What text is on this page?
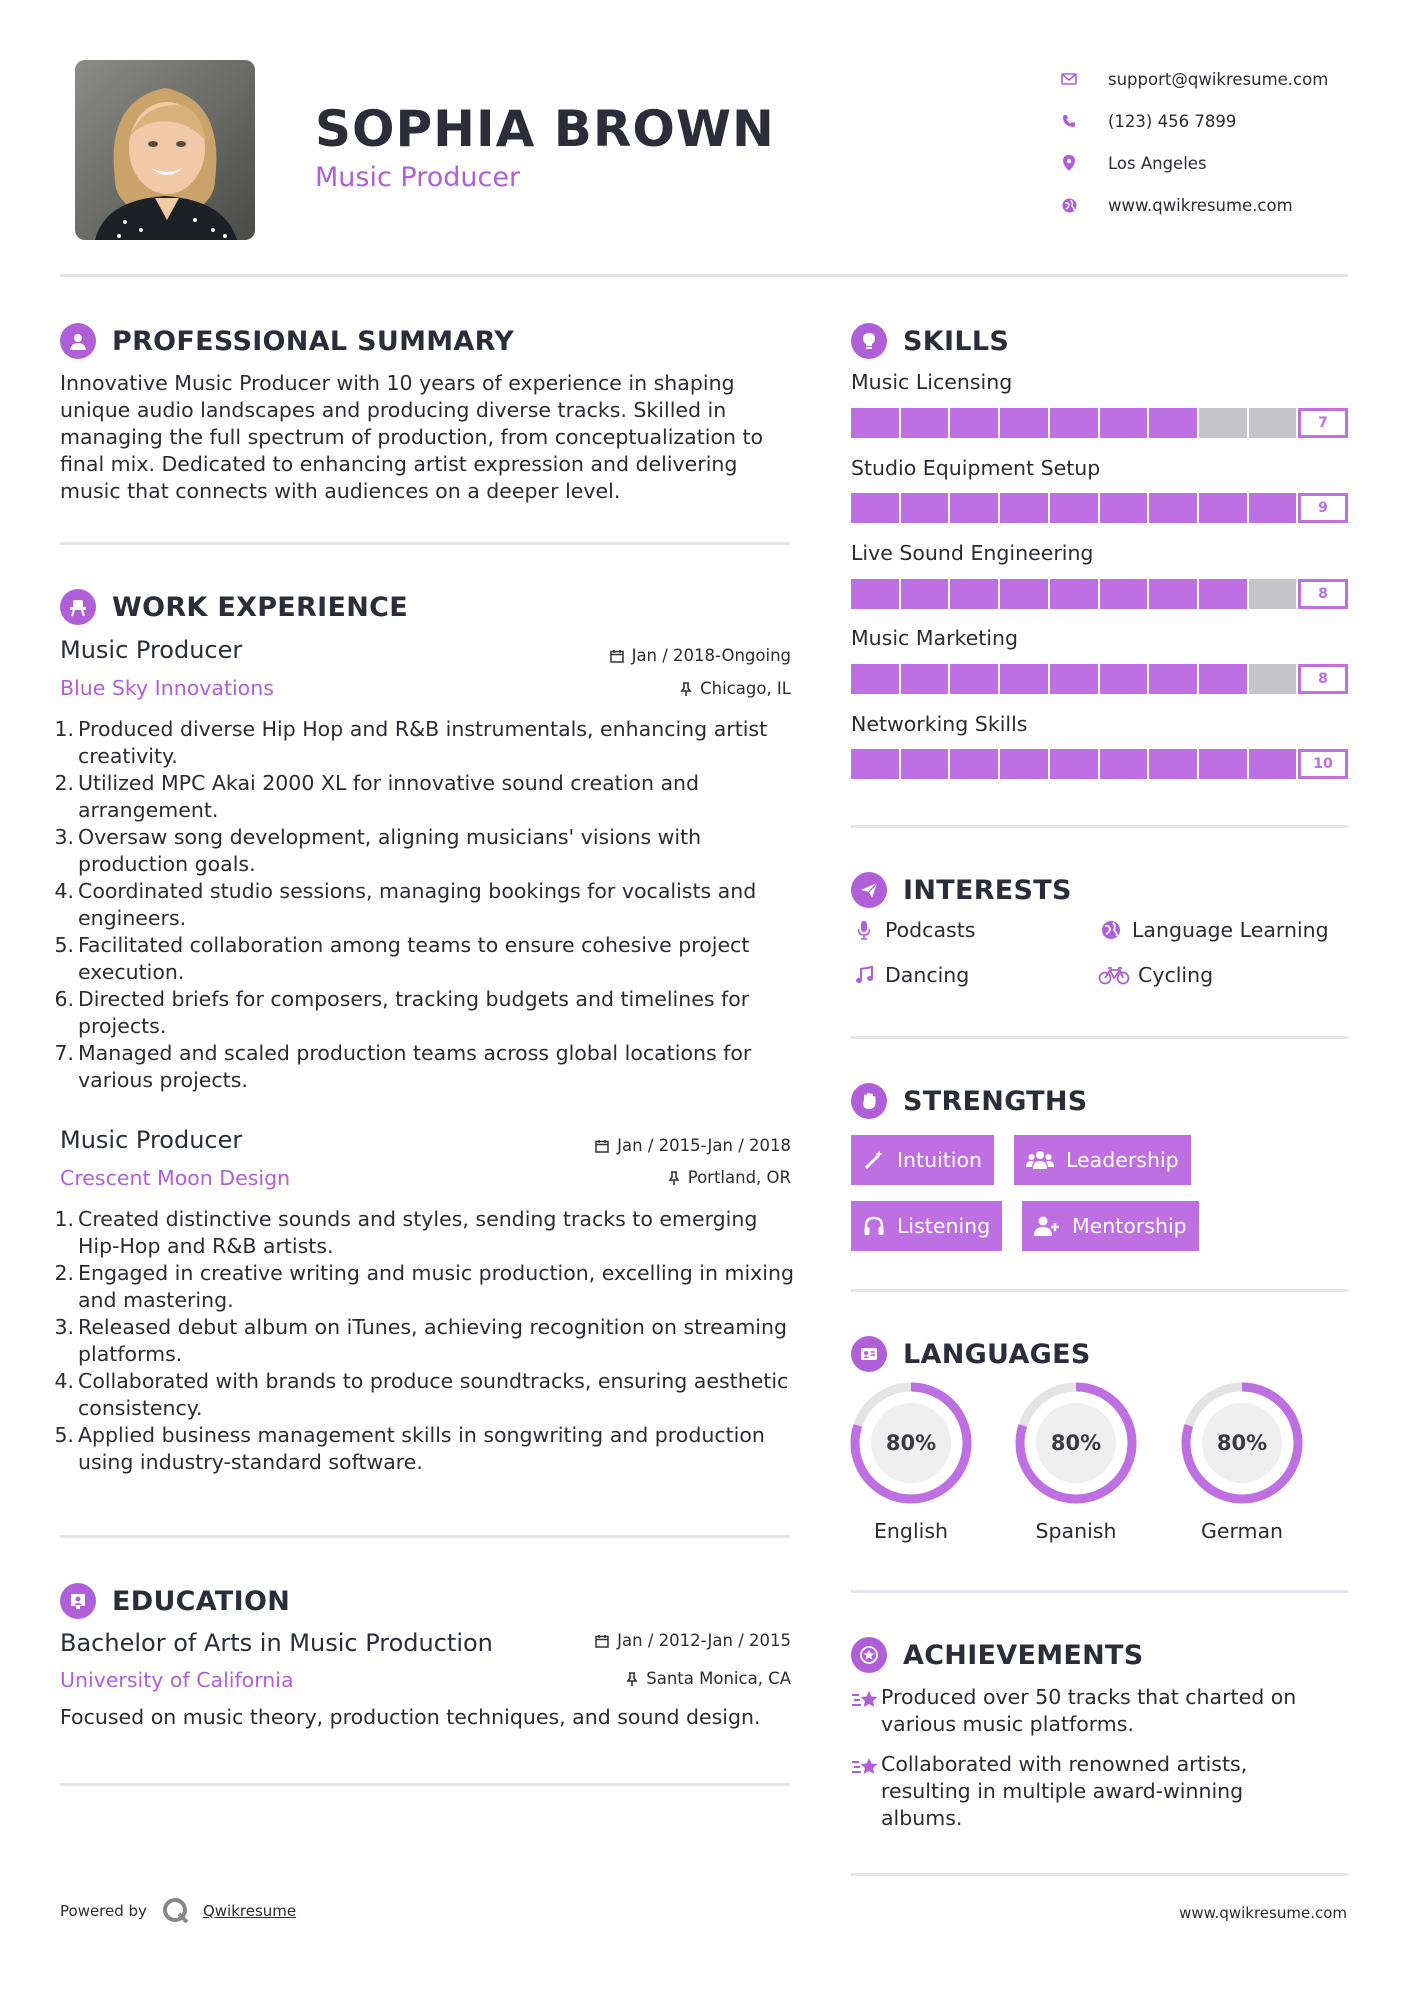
SOPHIA BROWN
Music Producer
support@qwikresume.com
(123) 456 7899
Los Angeles
www.qwikresume.com
PROFESSIONAL SUMMARY
Innovative Music Producer with 10 years of experience in shaping unique audio landscapes and producing diverse tracks. Skilled in managing the full spectrum of production, from conceptualization to final mix. Dedicated to enhancing artist expression and delivering music that connects with audiences on a deeper level.
WORK EXPERIENCE
Music Producer
Blue Sky Innovations
Jan / 2018-Ongoing
Chicago, IL
1. Produced diverse Hip Hop and R&B instrumentals, enhancing artist creativity.
2. Utilized MPC Akai 2000 XL for innovative sound creation and arrangement.
3. Oversaw song development, aligning musicians' visions with production goals.
4. Coordinated studio sessions, managing bookings for vocalists and engineers.
5. Facilitated collaboration among teams to ensure cohesive project execution.
6. Directed briefs for composers, tracking budgets and timelines for projects.
7. Managed and scaled production teams across global locations for various projects.
Music Producer
Crescent Moon Design
Jan / 2015-Jan / 2018
Portland, OR
1. Created distinctive sounds and styles, sending tracks to emerging Hip-Hop and R&B artists.
2. Engaged in creative writing and music production, excelling in mixing and mastering.
3. Released debut album on iTunes, achieving recognition on streaming platforms.
4. Collaborated with brands to produce soundtracks, ensuring aesthetic consistency.
5. Applied business management skills in songwriting and production using industry-standard software.
EDUCATION
Bachelor of Arts in Music Production
University of California
Jan / 2012-Jan / 2015
Santa Monica, CA
Focused on music theory, production techniques, and sound design.
SKILLS
Music Licensing
7
Studio Equipment Setup
9
Live Sound Engineering
8
Music Marketing
8
Networking Skills
10
INTERESTS
Podcasts	Language Learning
Dancing	Cycling
STRENGTHS
Intuition	Leadership
Listening	Mentorship
LANGUAGES
80%
English
80%
Spanish
80%
German
ACHIEVEMENTS
Produced over 50 tracks that charted on various music platforms.
Collaborated with renowned artists, resulting in multiple award-winning albums.
Powered by	Qwikresume	www.qwikresume.com
